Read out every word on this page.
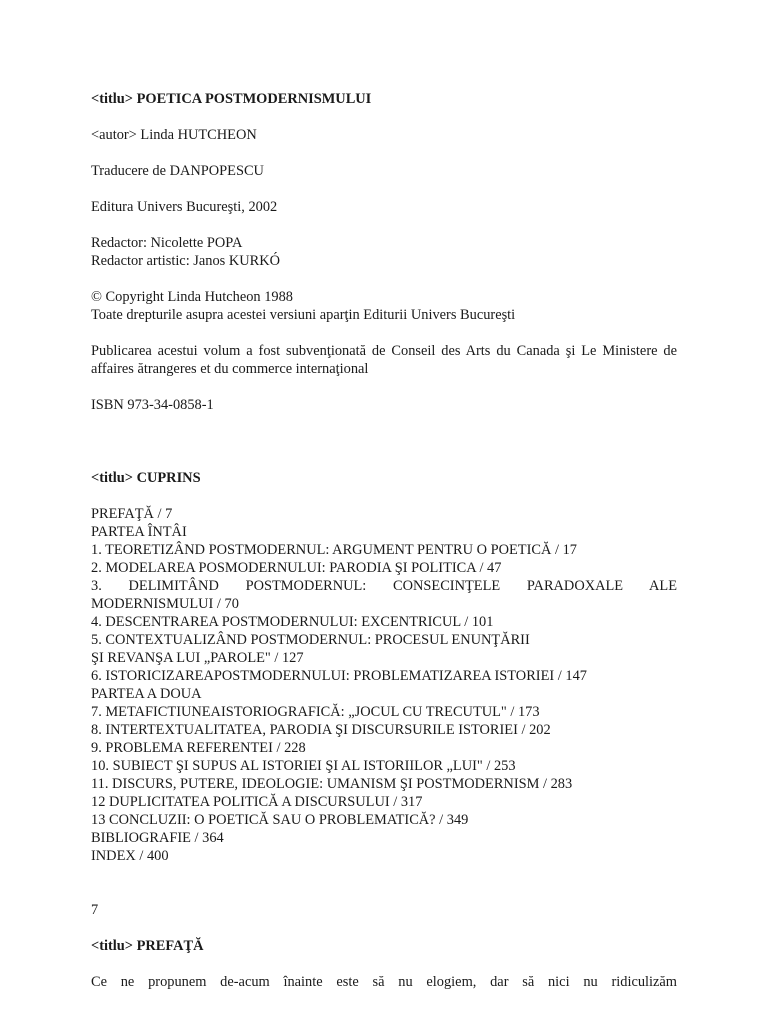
<titlu> POETICA POSTMODERNISMULUI
<autor> Linda HUTCHEON
Traducere de DANPOPESCU
Editura Univers Bucureşti, 2002
Redactor: Nicolette POPA
Redactor artistic: Janos KURKÓ
© Copyright Linda Hutcheon 1988
Toate drepturile asupra acestei versiuni aparţin Editurii Univers Bucureşti
Publicarea acestui volum a fost subvenţionată de Conseil des Arts du Canada şi Le Ministere de affaires ătrangeres et du commerce internaţional
ISBN 973-34-0858-1
<titlu> CUPRINS
PREFAŢĂ / 7
PARTEA ÎNTÂI
1. TEORETIZÂND POSTMODERNUL: ARGUMENT PENTRU O POETICĂ / 17
2. MODELAREA POSMODERNULUI: PARODIA ŞI POLITICA / 47
3. DELIMITÂND POSTMODERNUL: CONSECINŢELE PARADOXALE ALE MODERNISMULUI / 70
4. DESCENTRAREA POSTMODERNULUI: EXCENTRICUL / 101
5. CONTEXTUALIZÂND POSTMODERNUL: PROCESUL ENUNŢĂRII
ŞI REVANŞA LUI „PAROLE" / 127
6. ISTORICIZAREAPOSTMODERNULUI: PROBLEMATIZAREA ISTORIEI / 147
PARTEA A DOUA
7. METAFICTIUNEAISTORIOGRAFICĂ: „JOCUL CU TRECUTUL" / 173
8. INTERTEXTUALITATEA, PARODIA ŞI DISCURSURILE ISTORIEI / 202
9. PROBLEMA REFERENTEI / 228
10. SUBIECT ŞI SUPUS AL ISTORIEI ŞI AL ISTORIILOR „LUI" / 253
11. DISCURS, PUTERE, IDEOLOGIE: UMANISM ŞI POSTMODERNISM / 283
12 DUPLICITATEA POLITICĂ A DISCURSULUI / 317
13 CONCLUZII: O POETICĂ SAU O PROBLEMATICĂ? / 349
BIBLIOGRAFIE / 364
INDEX / 400
7
<titlu> PREFAŢĂ
Ce ne propunem de-acum înainte este să nu elogiem, dar să nici nu ridiculizăm
